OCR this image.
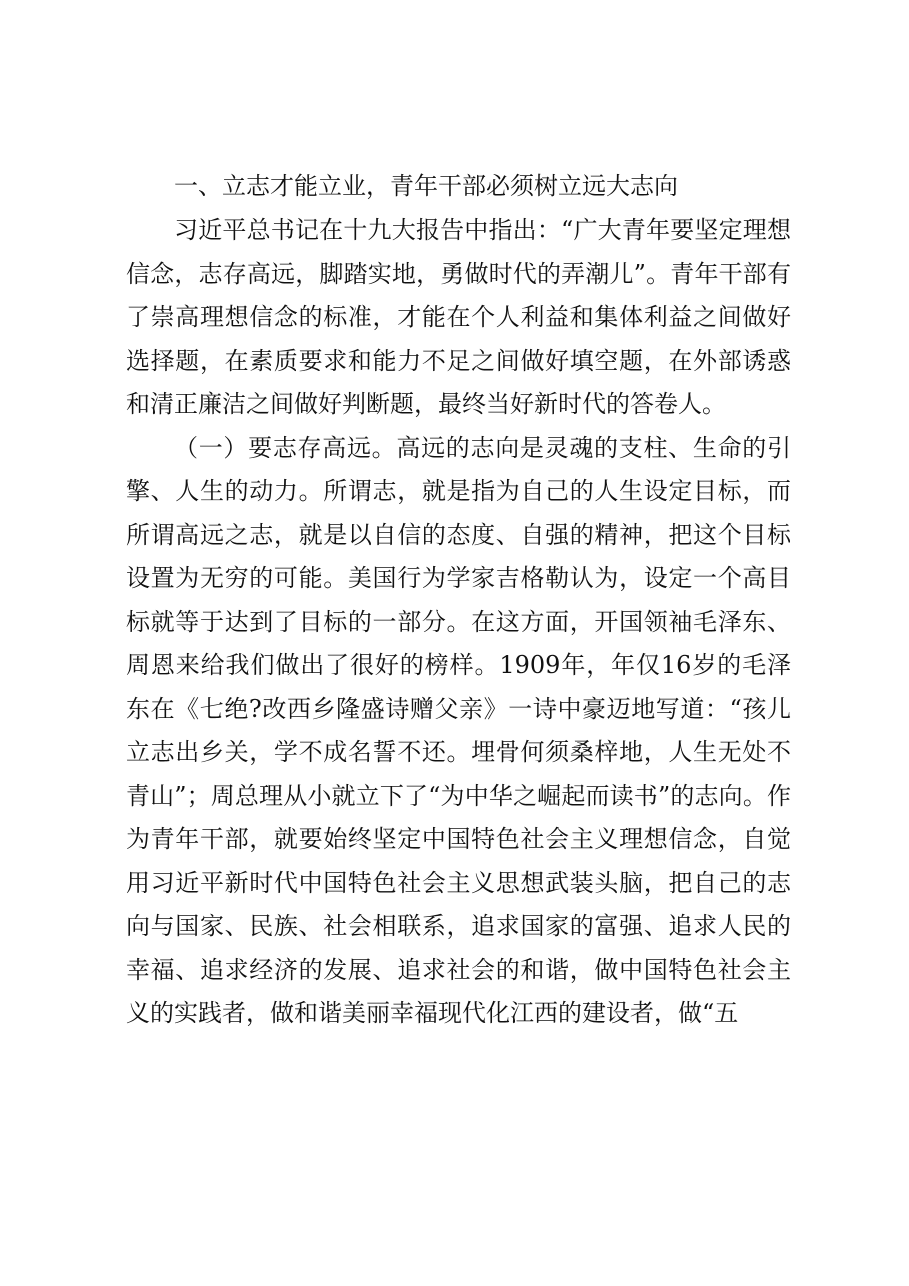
一、立志才能立业，青年干部必须树立远大志向

习近平总书记在十九大报告中指出：“广大青年要坚定理想信念，志存高远，脚踏实地，勇做时代的弄潮儿”。青年干部有了崇高理想信念的标准，才能在个人利益和集体利益之间做好选择题，在素质要求和能力不足之间做好填空题，在外部诱惑和清正廉洁之间做好判断题，最终当好新时代的答卷人。

（一）要志存高远。高远的志向是灵魂的支柱、生命的引擎、人生的动力。所谓志，就是指为自己的人生设定目标，而所谓高远之志，就是以自信的态度、自强的精神，把这个目标设置为无穷的可能。美国行为学家吉格勒认为，设定一个高目标就等于达到了目标的一部分。在这方面，开国领袖毛泽东、周恩来给我们做出了很好的榜样。1909年，年仅16岁的毛泽东在《七绝?改西乡隆盛诗赠父亲》一诗中豪迈地写道：“孩儿立志出乡关，学不成名誓不还。埋骨何须桑梓地，人生无处不青山”；周总理从小就立下了“为中华之崛起而读书”的志向。作为青年干部，就要始终坚定中国特色社会主义理想信念，自觉用习近平新时代中国特色社会主义思想武装头脑，把自己的志向与国家、民族、社会相联系，追求国家的富强、追求人民的幸福、追求经济的发展、追求社会的和谐，做中国特色社会主义的实践者，做和谐美丽幸福现代化江西的建设者，做“五
